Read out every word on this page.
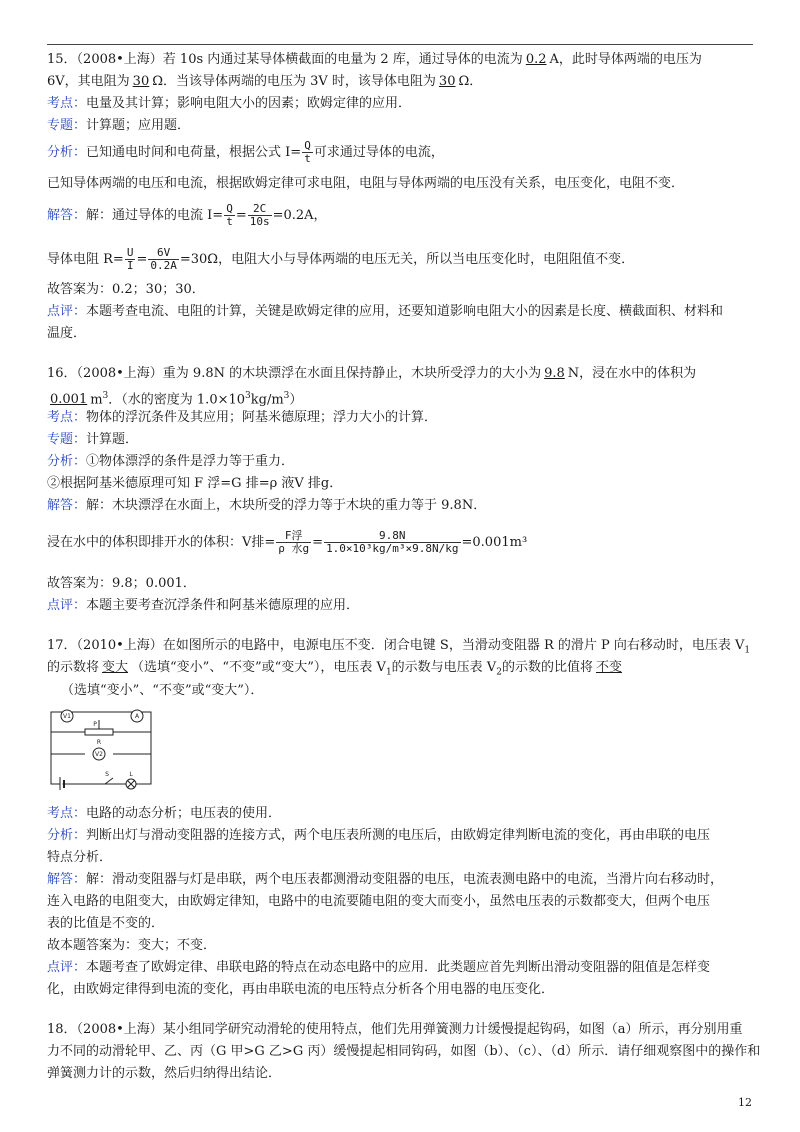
15．（2008•上海）若 10s 内通过某导体横截面的电量为 2 库，通过导体的电流为 0.2 A，此时导体两端的电压为
6V，其电阻为 30 Ω．当该导体两端的电压为 3V 时，该导体电阻为 30 Ω．
考点：电量及其计算；影响电阻大小的因素；欧姆定律的应用．
专题：计算题；应用题．
分析：已知通电时间和电荷量，根据公式 $I= \frac{Q}{t}$ 可求通过导体的电流，
已知导体两端的电压和电流，根据欧姆定律可求电阻，电阻与导体两端的电压没有关系，电压变化，电阻不变．
解答：解：通过导体的电流 $I= \frac{Q}{t} = \frac{2C}{10s} =0.2A$，
导体电阻 $R= \frac{U}{I} = \frac{6V}{0.2A} =30\Omega$，电阻大小与导体两端的电压无关，所以当电压变化时，电阻阻值不变．
故答案为：0.2；30；30．
点评：本题考查电流、电阻的计算，关键是欧姆定律的应用，还要知道影响电阻大小的因素是长度、横截面积、材料和
温度．
16．（2008•上海）重为 9.8N 的木块漂浮在水面且保持静止，木块所受浮力的大小为 9.8 N，浸在水中的体积为
0.001 $m^3$．（水的密度为 $1.0\times 10^3kg/m^3$）
考点：物体的浮沉条件及其应用；阿基米德原理；浮力大小的计算．
专题：计算题．
分析：①物体漂浮的条件是浮力等于重力．
②根据阿基米德原理可知 F 浮=G 排=ρ 液V 排g．
解答：解：木块漂浮在水面上，木块所受的浮力等于木块的重力等于 9.8N．
浸在水中的体积即排开水的体积：V排= $\frac{\text{F浮}}{\text{ρ 水g}} = \frac{9.8N}{\text{1.0×10³kg/m³×9.8N/kg}} =0.001m^3$
故答案为：9.8；0.001．
点评：本题主要考查沉浮条件和阿基米德原理的应用．
17．（2010•上海）在如图所示的电路中，电源电压不变．闭合电键 S，当滑动变阻器 R 的滑片 P 向右移动时，电压表 $V_1$
的示数将 变大 （选填“变小”、“不变”或“变大”），电压表 $V_1$的示数与电压表 $V_2$的示数的比值将 不变
（选填“变小”、“不变”或“变大”）．
V1	A
P
R
V2
S	L
考点：电路的动态分析；电压表的使用．
分析：判断出灯与滑动变阻器的连接方式，两个电压表所测的电压后，由欧姆定律判断电流的变化，再由串联的电压
特点分析．
解答：解：滑动变阻器与灯是串联，两个电压表都测滑动变阻器的电压，电流表测电路中的电流，当滑片向右移动时，
连入电路的电阻变大，由欧姆定律知，电路中的电流要随电阻的变大而变小，虽然电压表的示数都变大，但两个电压
表的比值是不变的．
故本题答案为：变大；不变．
点评：本题考查了欧姆定律、串联电路的特点在动态电路中的应用．此类题应首先判断出滑动变阻器的阻值是怎样变
化，由欧姆定律得到电流的变化，再由串联电流的电压特点分析各个用电器的电压变化．
18．（2008•上海）某小组同学研究动滑轮的使用特点，他们先用弹簧测力计缓慢提起钩码，如图（a）所示，再分别用重
力不同的动滑轮甲、乙、丙（G 甲>G 乙>G 丙）缓慢提起相同钩码，如图（b）、（c）、（d）所示．请仔细观察图中的操作和
弹簧测力计的示数，然后归纳得出结论．
12
